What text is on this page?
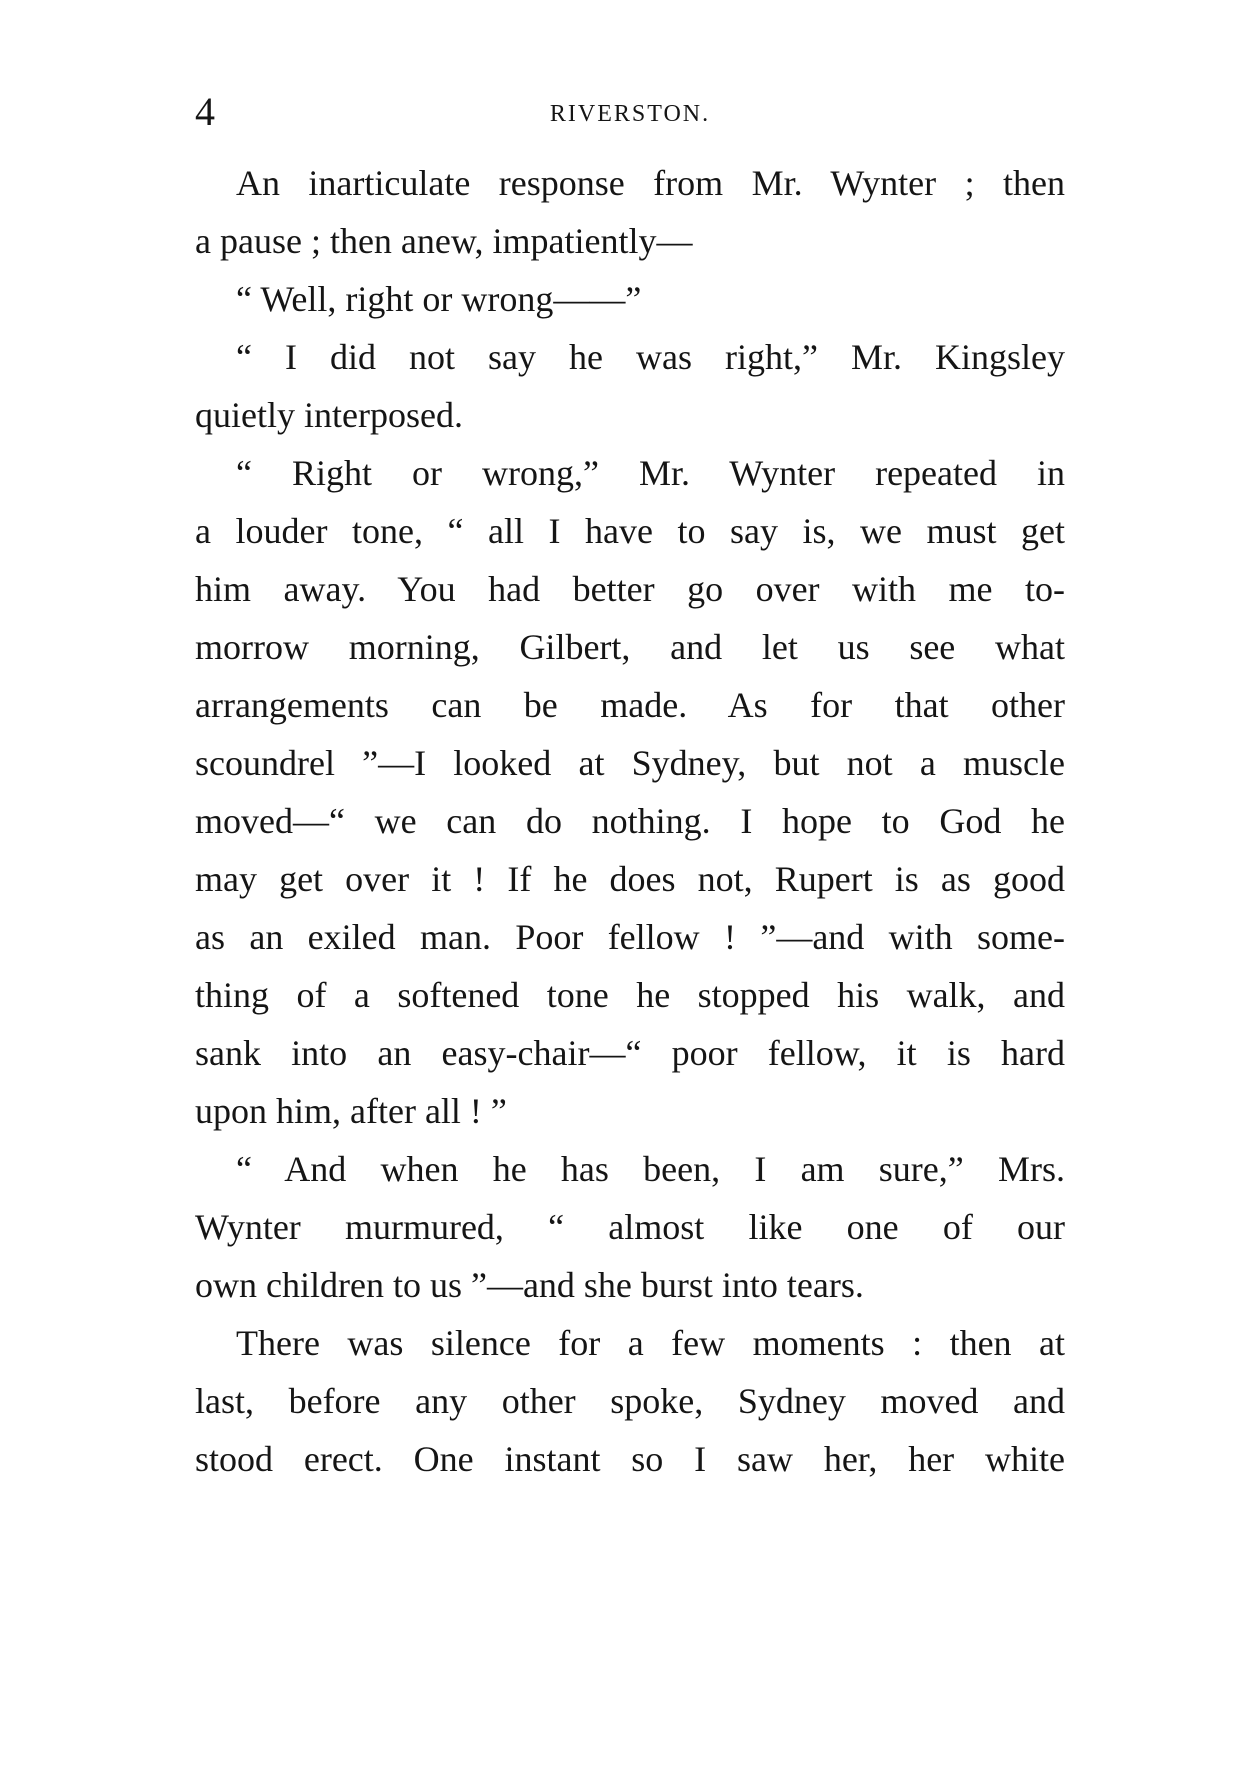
4	RIVERSTON.
An inarticulate response from Mr. Wynter ; then
a pause ; then anew, impatiently—
“ Well, right or wrong——”
“ I did not say he was right,” Mr. Kingsley
quietly interposed.
“ Right or wrong,” Mr. Wynter repeated in
a louder tone, “ all I have to say is, we must get
him away. You had better go over with me to-
morrow morning, Gilbert, and let us see what
arrangements can be made. As for that other
scoundrel ”—I looked at Sydney, but not a muscle
moved—“ we can do nothing. I hope to God he
may get over it ! If he does not, Rupert is as good
as an exiled man. Poor fellow ! ”—and with some-
thing of a softened tone he stopped his walk, and
sank into an easy-chair—“ poor fellow, it is hard
upon him, after all ! ”
“ And when he has been, I am sure,” Mrs.
Wynter murmured, “ almost like one of our
own children to us ”—and she burst into tears.
There was silence for a few moments : then at
last, before any other spoke, Sydney moved and
stood erect. One instant so I saw her, her white
